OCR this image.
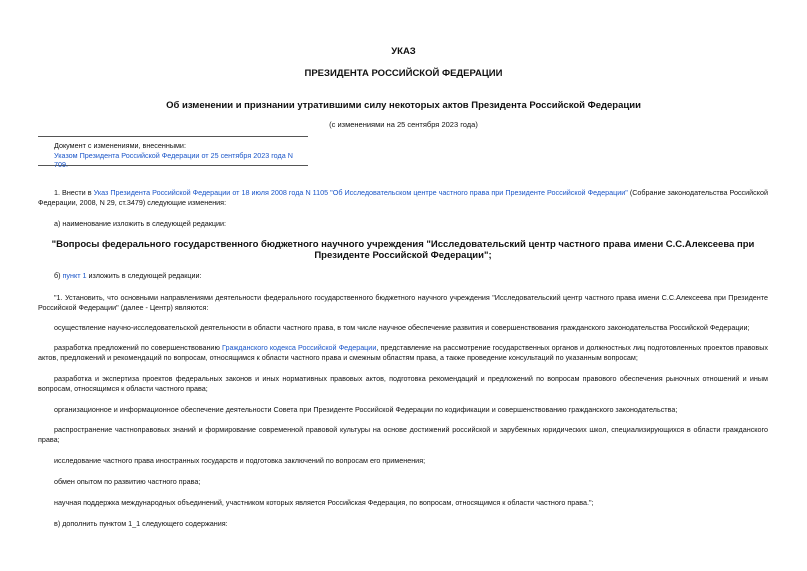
УКАЗ
ПРЕЗИДЕНТА РОССИЙСКОЙ ФЕДЕРАЦИИ
Об изменении и признании утратившими силу некоторых актов Президента Российской Федерации
(с изменениями на 25 сентября 2023 года)
Документ с изменениями, внесенными:
Указом Президента Российской Федерации от 25 сентября 2023 года N 709.
1. Внести в Указ Президента Российской Федерации от 18 июля 2008 года N 1105 "Об Исследовательском центре частного права при Президенте Российской Федерации" (Собрание законодательства Российской Федерации, 2008, N 29, ст.3479) следующие изменения:
а) наименование изложить в следующей редакции:
"Вопросы федерального государственного бюджетного научного учреждения "Исследовательский центр частного права имени С.С.Алексеева при Президенте Российской Федерации";
б) пункт 1 изложить в следующей редакции:
"1. Установить, что основными направлениями деятельности федерального государственного бюджетного научного учреждения "Исследовательский центр частного права имени С.С.Алексеева при Президенте Российской Федерации" (далее - Центр) являются:
осуществление научно-исследовательской деятельности в области частного права, в том числе научное обеспечение развития и совершенствования гражданского законодательства Российской Федерации;
разработка предложений по совершенствованию Гражданского кодекса Российской Федерации, представление на рассмотрение государственных органов и должностных лиц подготовленных проектов правовых актов, предложений и рекомендаций по вопросам, относящимся к области частного права и смежным областям права, а также проведение консультаций по указанным вопросам;
разработка и экспертиза проектов федеральных законов и иных нормативных правовых актов, подготовка рекомендаций и предложений по вопросам правового обеспечения рыночных отношений и иным вопросам, относящимся к области частного права;
организационное и информационное обеспечение деятельности Совета при Президенте Российской Федерации по кодификации и совершенствованию гражданского законодательства;
распространение частноправовых знаний и формирование современной правовой культуры на основе достижений российской и зарубежных юридических школ, специализирующихся в области гражданского права;
исследование частного права иностранных государств и подготовка заключений по вопросам его применения;
обмен опытом по развитию частного права;
научная поддержка международных объединений, участником которых является Российская Федерация, по вопросам, относящимся к области частного права.";
в) дополнить пунктом 1_1 следующего содержания:
